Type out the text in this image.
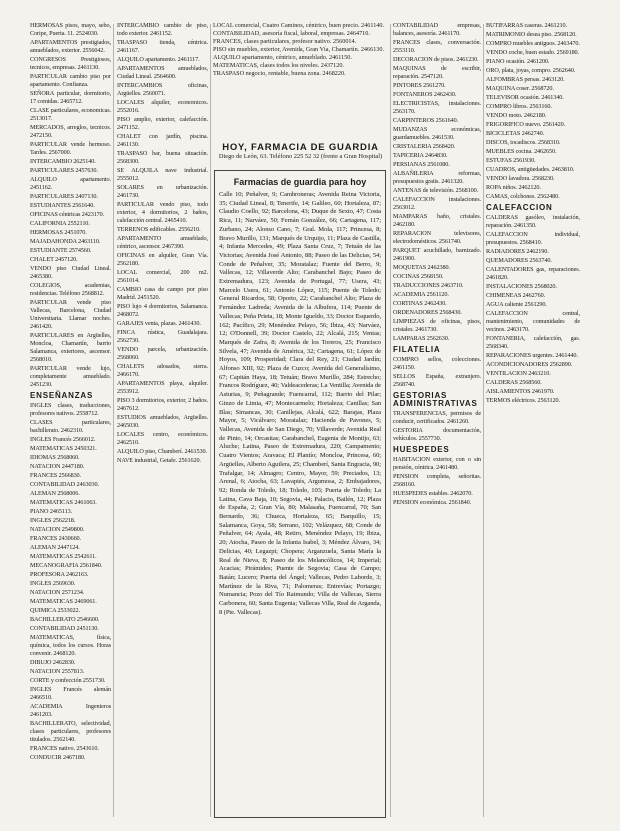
HERMOSAS pisos, mayo, sebo, Coripe, Puerta. 11. 2524030.
APARTAMENTOS prestigiados, amueblados, exterior. 2556042.
CONGRESOS Prestigiosos, tecnicos, empresas. 2461130.
PARTICULAR cambio piso por apartamento. Confianza.
SEÑORA particular, dormitorio, 17 comidas. 2465712.
CLASE particulares, economicas. 2513017.
MERCADOS, arreglos, tecnicos. 2472150.
PARTICULAR vende hermoso. Tardes. 2567000.
INTERCAMBIO 2625140.
PARTICULARES 2457630.
ALQUILO apartamento. 2451162.
PARTICULARES 2407130.
ESTUDIANTES 2561640.
OFICINAS céntricas 2423170.
CALIFORNIA 2552110.
HERMOSAS 2451070.
MAJADAHONDA 2463110.
ESTUDIANTE 2574560.
CHALET 2457120.
VENDO piso Ciudad Lineal. 2465380.
COLEGIOS, academias, residencias. Teléfono 2568812.
PARTICULAR vende piso Vallecas, Barcelona, Ciudad Universitaria. Llamar noches. 2461420.
PARTICULARES en Argüelles, Moncloa, Chamartín, barrio Salamanca, exteriores, ascensor. 2568010.
PARTICULAR vende lujo, completamente amueblado. 2451230.
ENSEÑANZAS
INGLES clases, traducciones, profesores nativos. 2558712.
CLASES particulares, bachillerato. 2462310.
INGLES Francés 2566012.
MATEMATICAS 2450321.
IDIOMAS 2568060.
NATACION 2447180.
FRANCES 2566830.
CONTABILIDAD 2463030.
ALEMAN 2568006.
MATEMATICAS 2461063.
PIANO 2465113.
INGLES 2562218.
NATACION 2549800.
FRANCES 2430660.
ALEMAN 2447124.
MATEMATICAS 2542611.
MECANOGRAFIA 2561840.
PROFESORA 2462163.
INGLES 2569630.
NATACION 2571234.
MATEMATICAS 2469061.
QUIMICA 2533022.
BACHILLERATO 2546600.
CONTABILIDAD 2451130.
MATEMATICAS, física, química, todos los cursos. Horas convenir. 2468120.
DIBUJO 2462830.
NATACION 2557813.
CORTE y confección 2551730.
INGLES Francés alemán 2466510.
ACADEMIA Ingenieros 2461203.
BACHILLERATO, selectividad, clases particulares, profesores titulados. 2562140.
FRANCES nativo. 2543610.
CONDUCIR 2467180.
INTERCAMBIO cambio de piso, todo exterior. 2461152.
TRASPASO tienda, céntrica. 2461167.
ALQUILO apartamento. 2461117.
APARTAMENTOS amueblados, Ciudad Lineal. 2564600.
INTERCAMBIOS oficinas, Argüelles. 2560071.
LOCALES alquiler, economicos. 2552016.
PISO amplio, exterior, calefacción. 2471152.
CHALET con jardín, piscina. 2461130.
TRASPASO bar, buena situación. 2568300.
SE ALQUILA nave industrial. 2555012.
SOLARES en urbanización. 2461730.
PARTICULAR vendo piso, todo exterior, 4 dormitorios, 2 baños, calefacción central. 2465410.
TERRENOS edificables. 2556210.
APARTAMENTO amueblado, céntrico, ascensor. 2467390.
OFICINAS en alquiler, Gran Vía. 2562180.
LOCAL comercial, 200 m2. 2561014.
CAMBIO casa de campo por piso Madrid. 2451520.
PISO lujo 4 dormitorios, Salamanca. 2468072.
GARAJES venta, plazas. 2461430.
FINCA rústica, Guadalajara. 2562730.
VENDO parcela, urbanización. 2568060.
CHALETS adosados, sierra. 2466170.
APARTAMENTOS playa, alquiler. 2553912.
PISO 3 dormitorios, exterior, 2 baños. 2467612.
ESTUDIOS amueblados, Argüelles. 2465030.
LOCALES centro, económicos. 2462510.
ALQUILO piso, Chamberí. 2461530.
NAVE industrial, Getafe. 2561620.
LOCAL comercial, Cuatro Caminos, céntrico, buen precio. 2461140.
CONTABILIDAD, asesoría fiscal, laboral, empresas. 2464710.
FRANCES, clases particulares, profesor nativo. 2560014.
PISO sin muebles, exterior, Avenida, Gran Vía, Chamartín. 2466130.
ALQUILO apartamento, céntrico, amueblado. 2461150.
MATEMATICAS, clases todos los niveles. 2437120.
TRASPASO negocio, rentable, buena zona. 2468220.
HOY, FARMACIA DE GUARDIA
Diego de León, 63. Teléfono 225 52 32 (frente a Gran Hospital)
Farmacias de guardia para hoy
Calle 10; Peñalver, 9; Cambroneras; Avenida Reina Victoria, 35; Ciudad Lineal, 8; Tenerife, 14; Galileo, 60; Hortaleza, 87; Claudio Coello, 92; Barcelona, 43; Duque de Sexto, 47; Costa Rica, 11; Narváez, 50; Fernán González, 66; Cartagena, 117; Zurbano, 24; Alonso Cano, 7; Gral. Mola, 117; Princesa, 8; Bravo Murillo, 131; Marqués de Urquijo, 11; Plaza de Castilla, 4; Infanta Mercedes, 49; Plaza Santa Cruz, 7; Tetuán de las Victorias; Avenida José Antonio, 88; Paseo de las Delicias, 54; Conde de Peñalver, 35; Moratalaz; Fuente del Berro, 9; Vallecas, 12; Villaverde Alto; Carabanchel Bajo; Paseo de Extremadura, 123; Avenida de Portugal, 77; Usera, 43; Marcelo Usera, 61; Antonio López, 115; Puente de Toledo; General Ricardos, 58; Oporto, 22; Carabanchel Alto; Plaza de Fernández Ladreda; Avenida de la Albufera, 114; Puente de Vallecas; Peña Prieta, 18; Monte Igueldo, 33; Doctor Esquerdo, 162; Pacífico, 29; Menéndez Pelayo, 56; Ibiza, 43; Narváez, 12; O'Donnell, 39; Doctor Castelo, 22; Alcalá, 215; Ventas; Marqués de Zafra, 8; Avenida de los Toreros, 25; Francisco Silvela, 47; Avenida de América, 32; Cartagena, 61; López de Hoyos, 109; Prosperidad; Clara del Rey, 21; Ciudad Jardín; Alfonso XIII, 92; Plaza de Cuzco; Avenida del Generalísimo, 67; Capitán Haya, 18; Tetuán; Bravo Murillo, 284; Estrecho; Francos Rodríguez, 40; Valdeacederas; La Ventilla; Avenida de Asturias, 9; Peñagrande; Fuencarral, 112; Barrio del Pilar; Ginzo de Limia, 47; Montecarmelo; Hortaleza; Canillas; San Blas; Simancas, 30; Canillejas, Alcalá, 622; Barajas, Plaza Mayor, 5; Vicálvaro; Moratalaz; Hacienda de Pavones, 5; Vallecas, Avenida de San Diego, 70; Villaverde; Avenida Real de Pinto, 14; Orcasitas; Carabanchel, Eugenia de Montijo, 63; Aluche; Latina, Paseo de Extremadura, 220; Campamento; Cuatro Vientos; Aravaca; El Plantío; Moncloa, Princesa, 60; Argüelles, Alberto Aguilera, 25; Chamberí, Santa Engracia, 90; Trafalgar, 14; Almagro; Centro, Mayor, 59; Preciados, 13; Arenal, 6; Atocha, 63; Lavapiés, Argumosa, 2; Embajadores, 92; Ronda de Toledo, 18; Toledo, 103; Puerta de Toledo; La Latina, Cava Baja, 10; Segovia, 44; Palacio, Bailén, 12; Plaza de España, 2; Gran Vía, 80; Malasaña, Fuencarral, 70; San Bernardo, 36; Chueca, Hortaleza, 65; Barquillo, 15; Salamanca, Goya, 58; Serrano, 102; Velázquez, 68; Conde de Peñalver, 64; Ayala, 48; Retiro, Menéndez Pelayo, 19; Ibiza, 20; Atocha, Paseo de la Infanta Isabel, 3; Méndez Álvaro, 34; Delicias, 40; Legazpi; Chopera; Arganzuela, Santa María la Real de Nieva, 8; Paseo de los Melancólicos, 14; Imperial; Acacias; Pirámides; Puente de Segovia; Casa de Campo; Batán; Lucero; Puerta del Ángel; Vallecas, Pedro Laborde, 3; Martínez de la Riva, 71; Palomeras; Entrevías; Portazgo; Numancia; Pozo del Tío Raimundo; Villa de Vallecas, Sierra Carbonera, 60; Santa Eugenia; Vallecas Villa, Real de Arganda, 8 (Pte. Vallecas).
CONTABILIDAD empresas, balances, asesoría. 2461170.
FRANCES clases, conversación. 2553110.
DECORACION de pisos. 2461230.
MAQUINAS de escribir, reparación. 2547120.
PINTORES 2561270.
FONTANEROS 2462430.
ELECTRICISTAS, instalaciones. 2563170.
CARPINTEROS 2561640.
MUDANZAS económicas, guardamuebles. 2461530.
CRISTALERIA 2568420.
TAPICERIA 2464830.
PERSIANAS 2561080.
ALBAÑILERIA reformas, presupuestos gratis. 2461320.
ANTENAS de televisión. 2568100.
CALEFACCION instalaciones. 2563012.
MAMPARAS baño, cristales. 2462180.
REPARACION televisores, electrodomésticos. 2561740.
PARQUET acuchillado, barnizado. 2461900.
MOQUETAS 2462380.
COCINAS 2568150.
TRADUCCIONES 2463710.
ACADEMIA 2561120.
CORTINAS 2462430.
ORDENADORES 2568430.
LIMPIEZAS de oficinas, pisos, cristales. 2461730.
LAMPARAS 2562630.
FILATELIA
COMPRO sellos, colecciones. 2461150.
SELLOS España, extranjero. 2568740.
GESTORIAS ADMINISTRATIVAS
TRANSFERENCIAS, permisos de conducir, certificados. 2461260.
GESTORIA documentación, vehículos. 2557730.
HUESPEDES
HABITACION exterior, con o sin pensión, céntrica. 2461480.
PENSION completa, señoritas. 2568160.
HUESPEDES estables. 2462070.
PENSION económica. 2561840.
BUTIFARRAS caseras. 2461210.
MATRIMONIO desea piso. 2568120.
COMPRO muebles antiguos. 2463470.
VENDO coche, buen estado. 2569180.
PIANO ocasión. 2461200.
ORO, plata, joyas, compro. 2562640.
ALFOMBRAS persas. 2463120.
MAQUINA coser. 2568720.
TELEVISOR ocasión. 2461340.
COMPRO libros. 2563160.
VENDO moto. 2462180.
FRIGORIFICO nuevo. 2561420.
BICICLETAS 2462740.
DISCOS, tocadiscos. 2568310.
MUEBLES cocina. 2462650.
ESTUFAS 2561930.
CUADROS, antigüedades. 2463810.
VENDO lavadora. 2568230.
ROPA niños. 2462120.
CAMAS, colchones. 2562480.
CALEFACCION
CALDERAS gasóleo, instalación, reparación. 2461350.
CALEFACCION individual, presupuestos. 2568410.
RADIADORES 2462190.
QUEMADORES 2563740.
CALENTADORES gas, reparaciones. 2461820.
INSTALACIONES 2568020.
CHIMENEAS 2462760.
AGUA caliente 2561290.
CALEFACCION central, mantenimiento, comunidades de vecinos. 2463170.
FONTANERIA, calefacción, gas. 2568340.
REPARACIONES urgentes. 2461440.
ACONDICIONADORES 2562890.
VENTILACION 2463210.
CALDERAS 2568560.
AISLAMIENTOS 2461970.
TERMOS eléctricos. 2563120.
